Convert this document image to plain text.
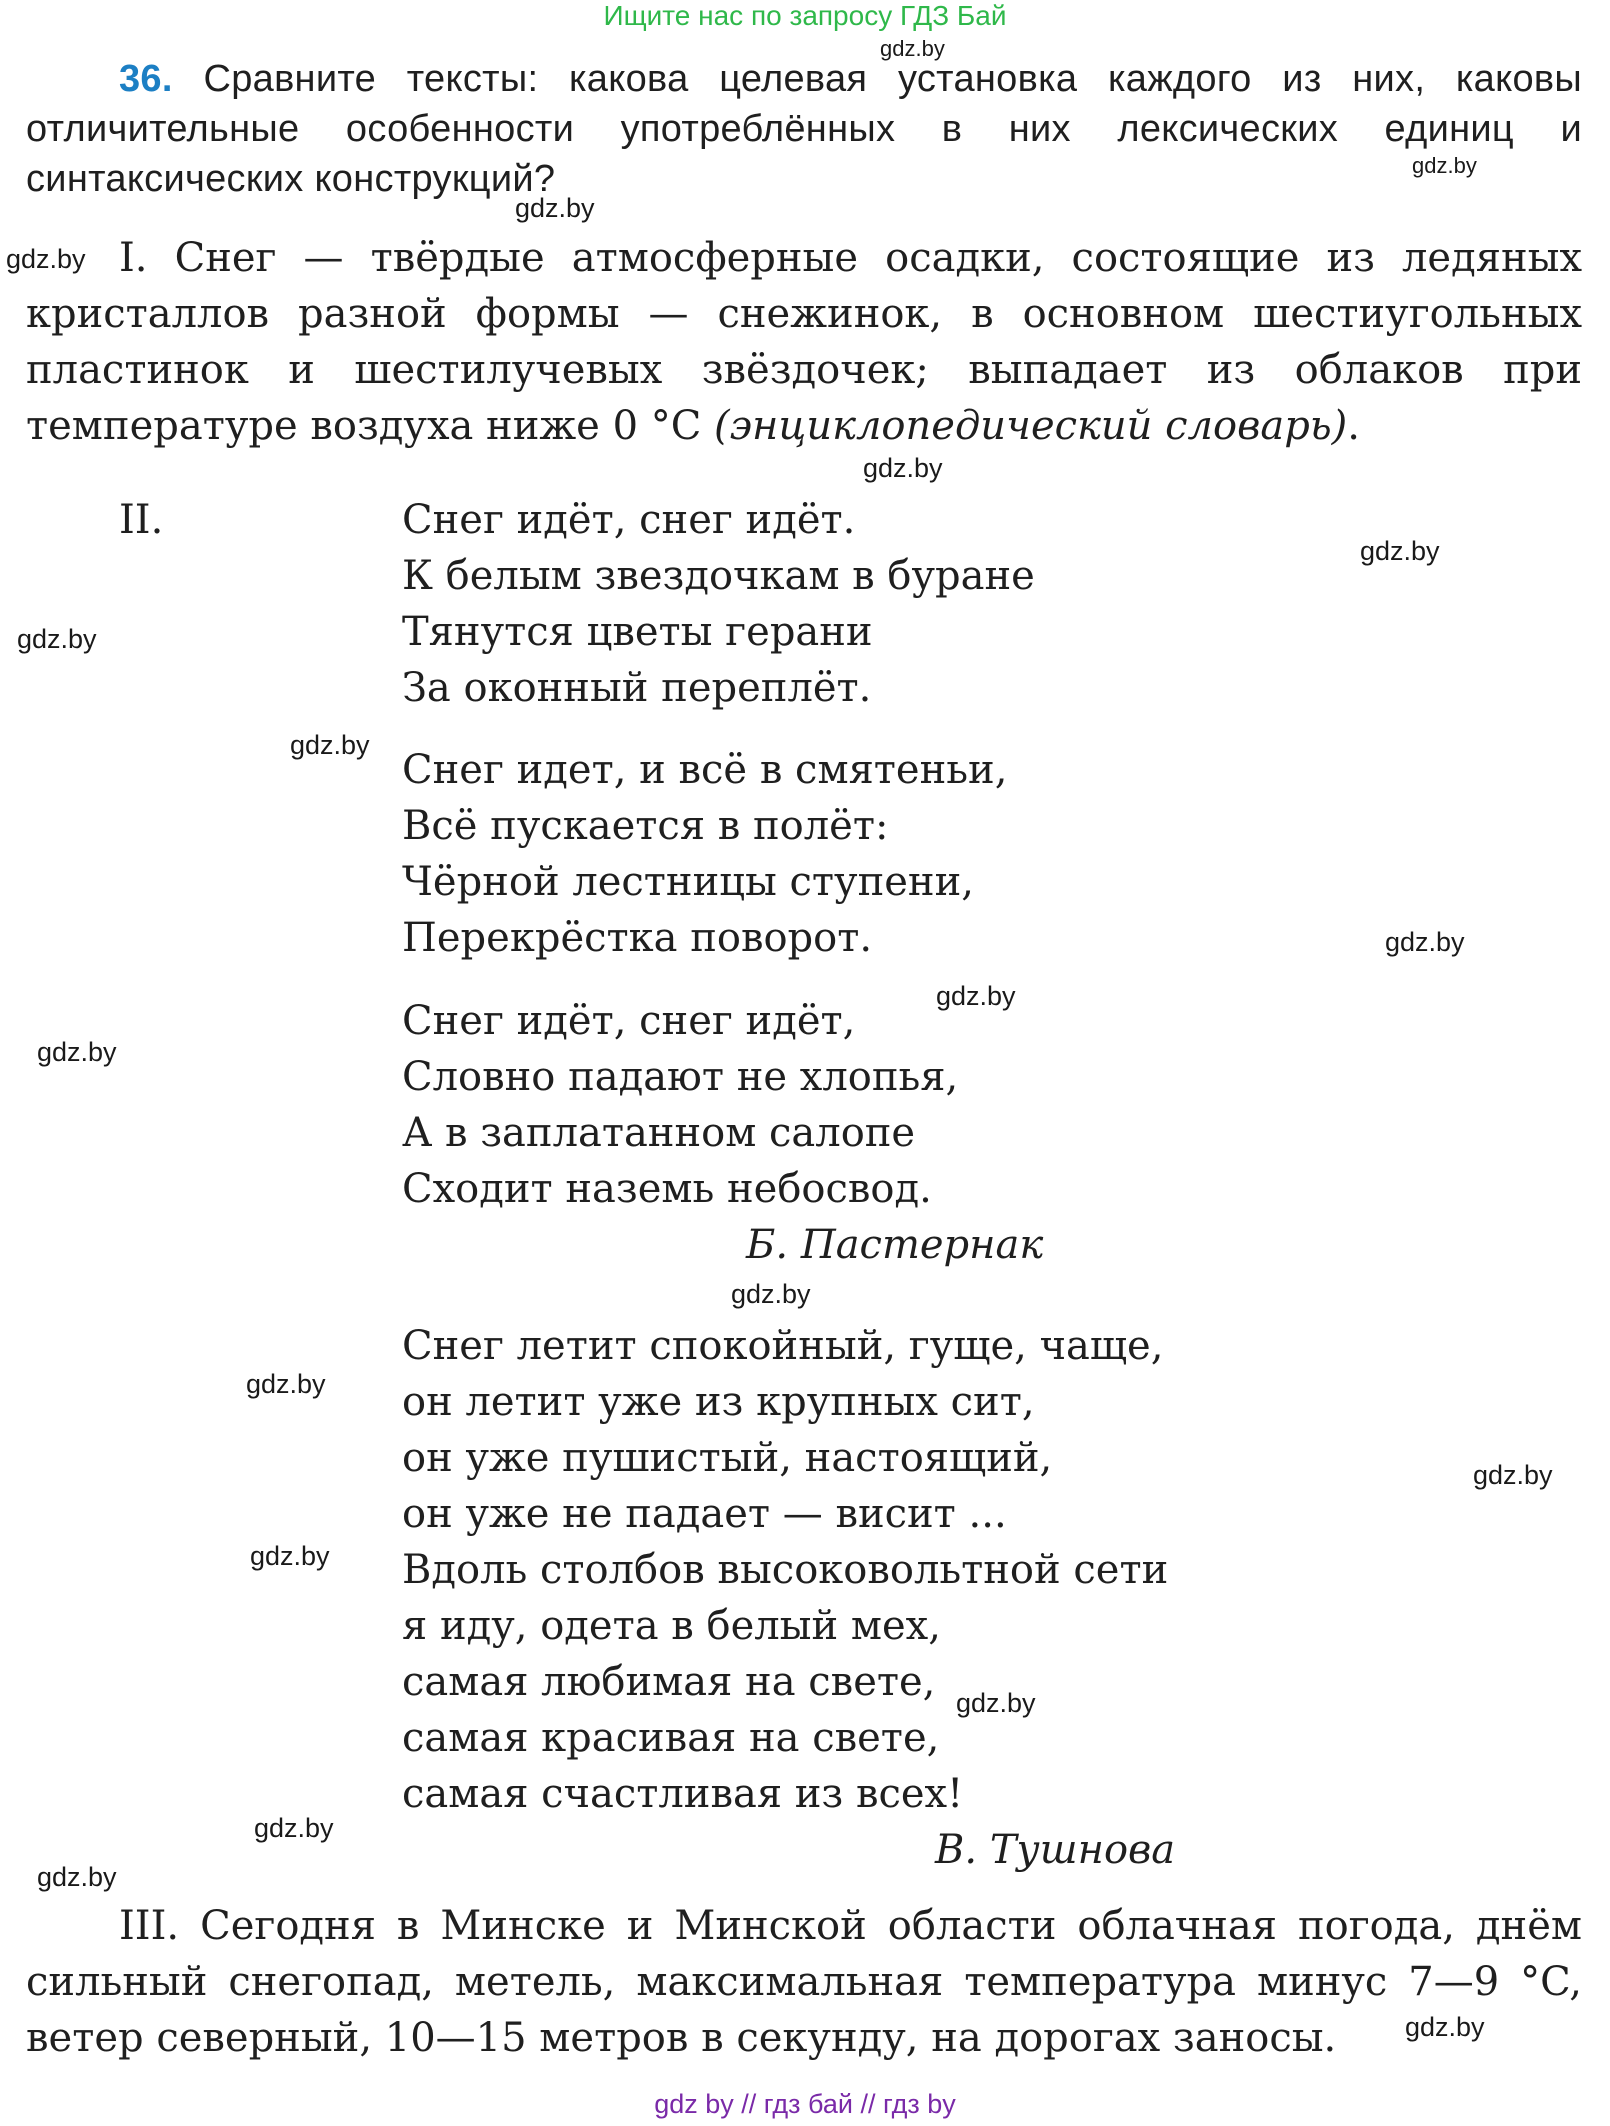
Ищите нас по запросу ГДЗ Бай
36. Сравните тексты: какова целевая установка каждого из них, каковы отличительные особенности употреблённых в них лексических единиц и синтаксических конструкций?
I. Снег — твёрдые атмосферные осадки, состоящие из ледяных кристаллов разной формы — снежинок, в основном шестиугольных пластинок и шестилучевых звёздочек; выпадает из облаков при температуре воздуха ниже 0 °C (энциклопедический словарь).
II.	Снег идёт, снег идёт.
К белым звездочкам в буране
Тянутся цветы герани
За оконный переплёт.
Снег идет, и всё в смятеньи,
Всё пускается в полёт:
Чёрной лестницы ступени,
Перекрёстка поворот.
Снег идёт, снег идёт,
Словно падают не хлопья,
А в заплатанном салопе
Сходит наземь небосвод.
Б. Пастернак
Снег летит спокойный, гуще, чаще,
он летит уже из крупных сит,
он уже пушистый, настоящий,
он уже не падает — висит ...
Вдоль столбов высоковольтной сети
я иду, одета в белый мех,
самая любимая на свете,
самая красивая на свете,
самая счастливая из всех!
В. Тушнова
III. Сегодня в Минске и Минской области облачная погода, днём сильный снегопад, метель, максимальная температура минус 7—9 °C, ветер северный, 10—15 метров в секунду, на дорогах заносы.
gdz.by
gdz.by
gdz.by
gdz.by
gdz.by
gdz.by
gdz.by
gdz.by
gdz.by
gdz.by
gdz.by
gdz.by
gdz.by
gdz.by
gdz.by
gdz.by
gdz.by
gdz.by
gdz.by
gdz by // гдз бай // гдз by
